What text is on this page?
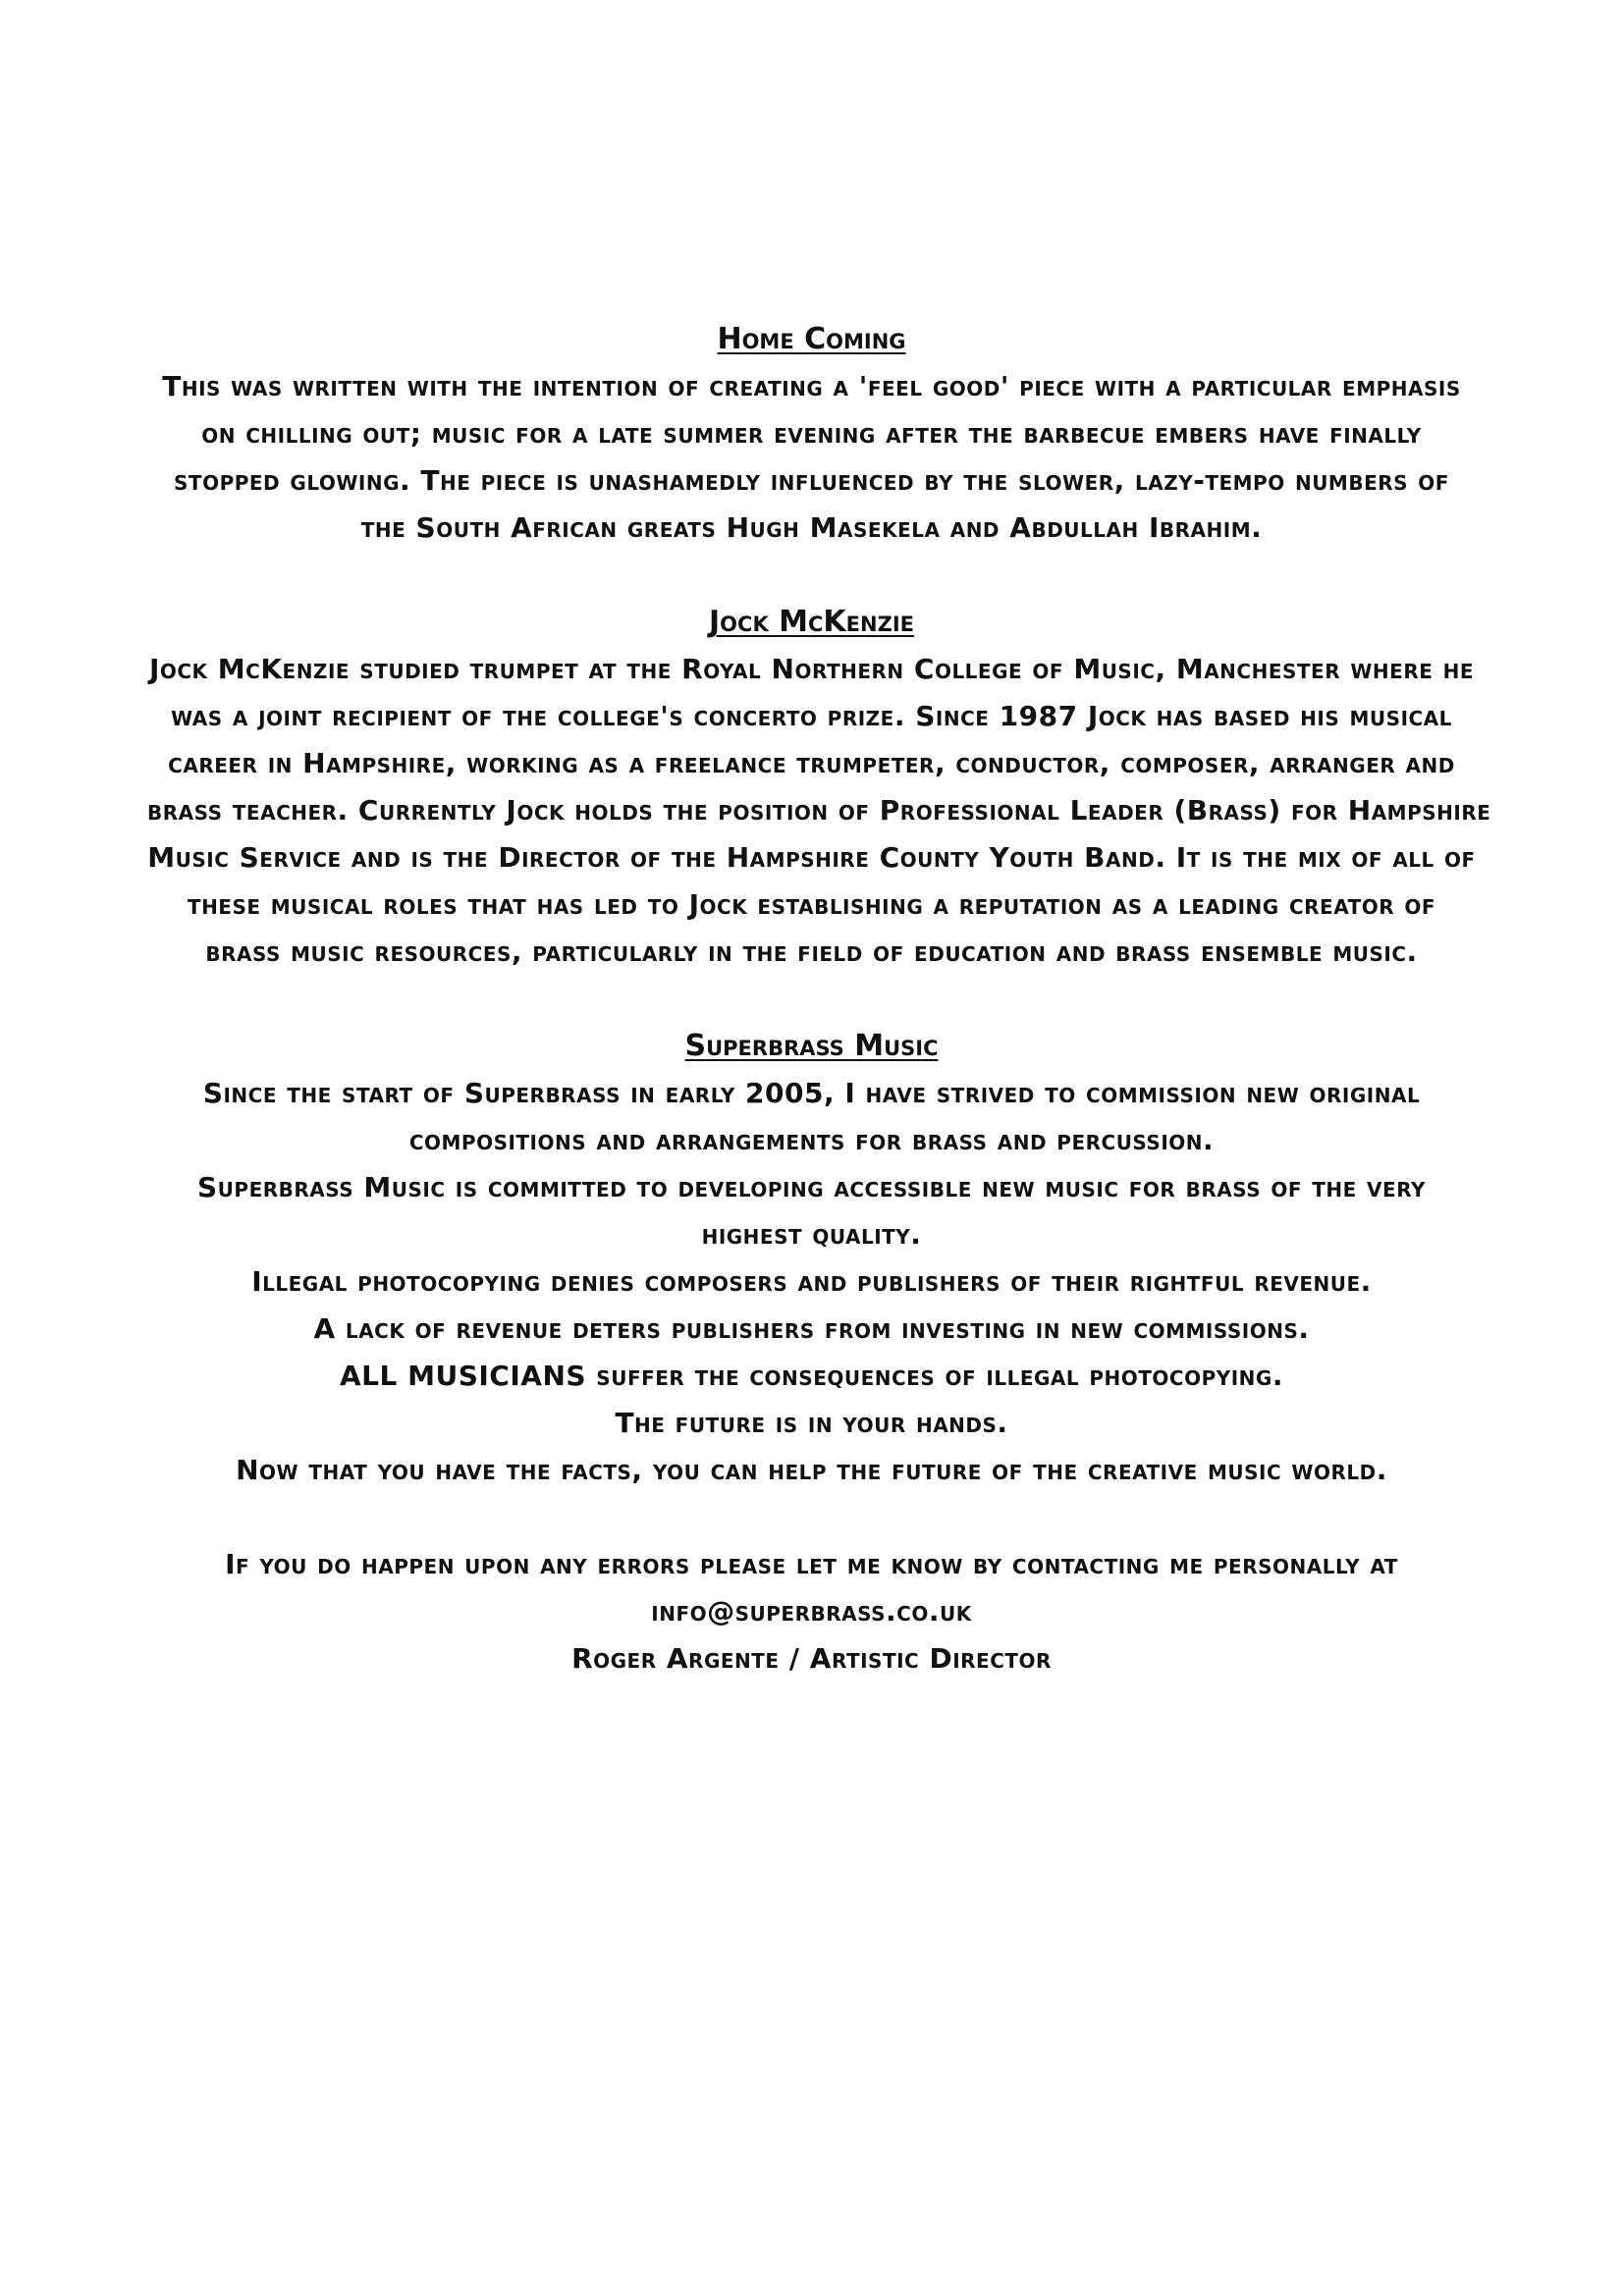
Home Coming

This was written with the intention of creating a 'feel good' piece with a particular emphasis
on chilling out; music for a late summer evening after the barbecue embers have finally
stopped glowing. The piece is unashamedly influenced by the slower, lazy-tempo numbers of
the South African greats Hugh Masekela and Abdullah Ibrahim.

Jock McKenzie

Jock McKenzie studied trumpet at the Royal Northern College of Music, Manchester where he
was a joint recipient of the college's concerto prize. Since 1987 Jock has based his musical
career in Hampshire, working as a freelance trumpeter, conductor, composer, arranger and
brass teacher. Currently Jock holds the position of Professional Leader (Brass) for Hampshire
Music Service and is the Director of the Hampshire County Youth Band. It is the mix of all of
these musical roles that has led to Jock establishing a reputation as a leading creator of
brass music resources, particularly in the field of education and brass ensemble music.

Superbrass Music

Since the start of Superbrass in early 2005, I have strived to commission new original
compositions and arrangements for brass and percussion.
Superbrass Music is committed to developing accessible new music for brass of the very
highest quality.
Illegal photocopying denies composers and publishers of their rightful revenue.
A lack of revenue deters publishers from investing in new commissions.
ALL MUSICIANS suffer the consequences of illegal photocopying.
The future is in your hands.
Now that you have the facts, you can help the future of the creative music world.

If you do happen upon any errors please let me know by contacting me personally at
info@superbrass.co.uk
Roger Argente / Artistic Director
